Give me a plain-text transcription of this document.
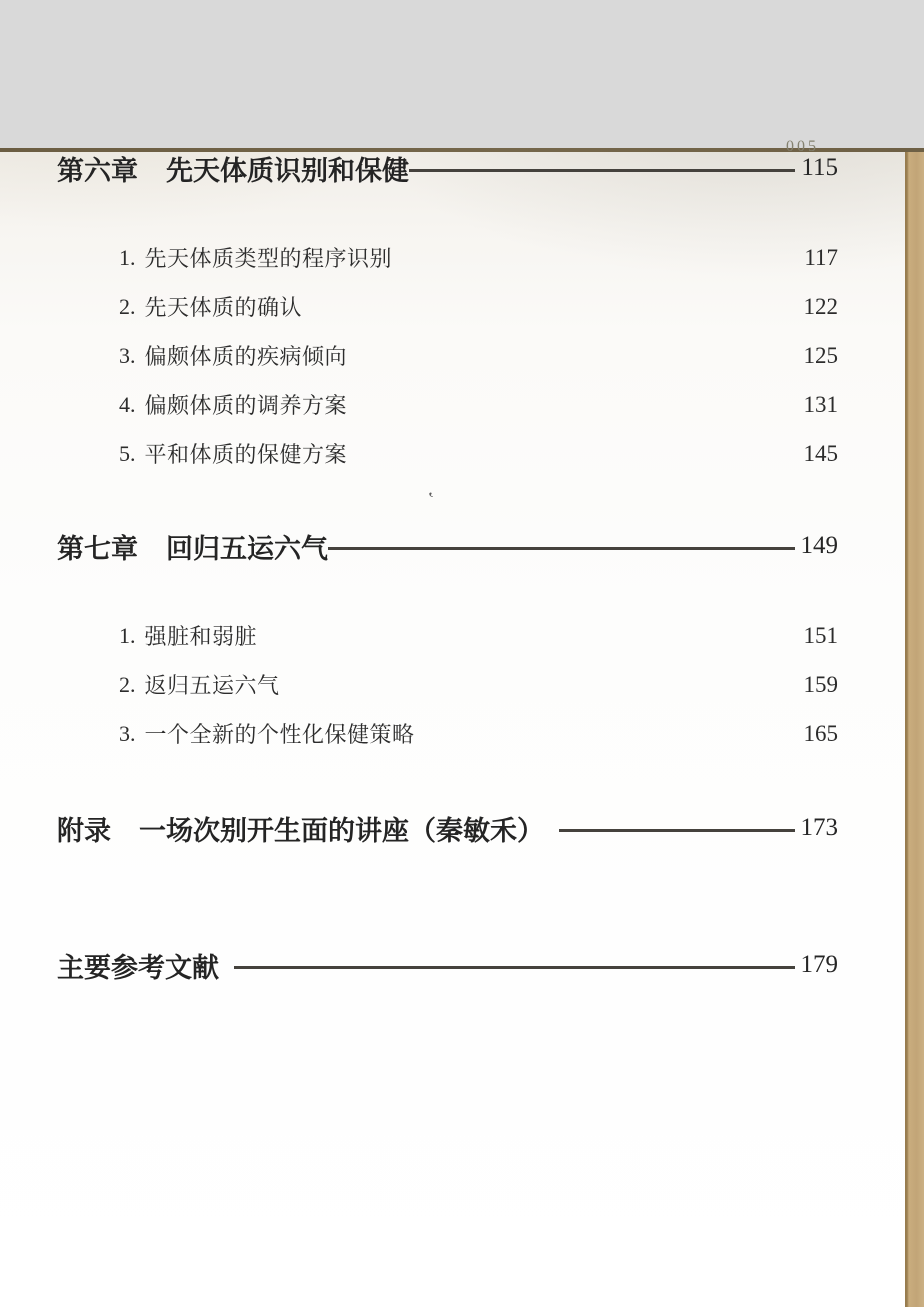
005
‛
第六章 先天体质识别和保健	115
1. 先天体质类型的程序识别	117
2. 先天体质的确认	122
3. 偏颇体质的疾病倾向	125
4. 偏颇体质的调养方案	131
5. 平和体质的保健方案	145
第七章 回归五运六气	149
1. 强脏和弱脏	151
2. 返归五运六气	159
3. 一个全新的个性化保健策略	165
附录 一场次别开生面的讲座（秦敏禾）	173
主要参考文献	179
